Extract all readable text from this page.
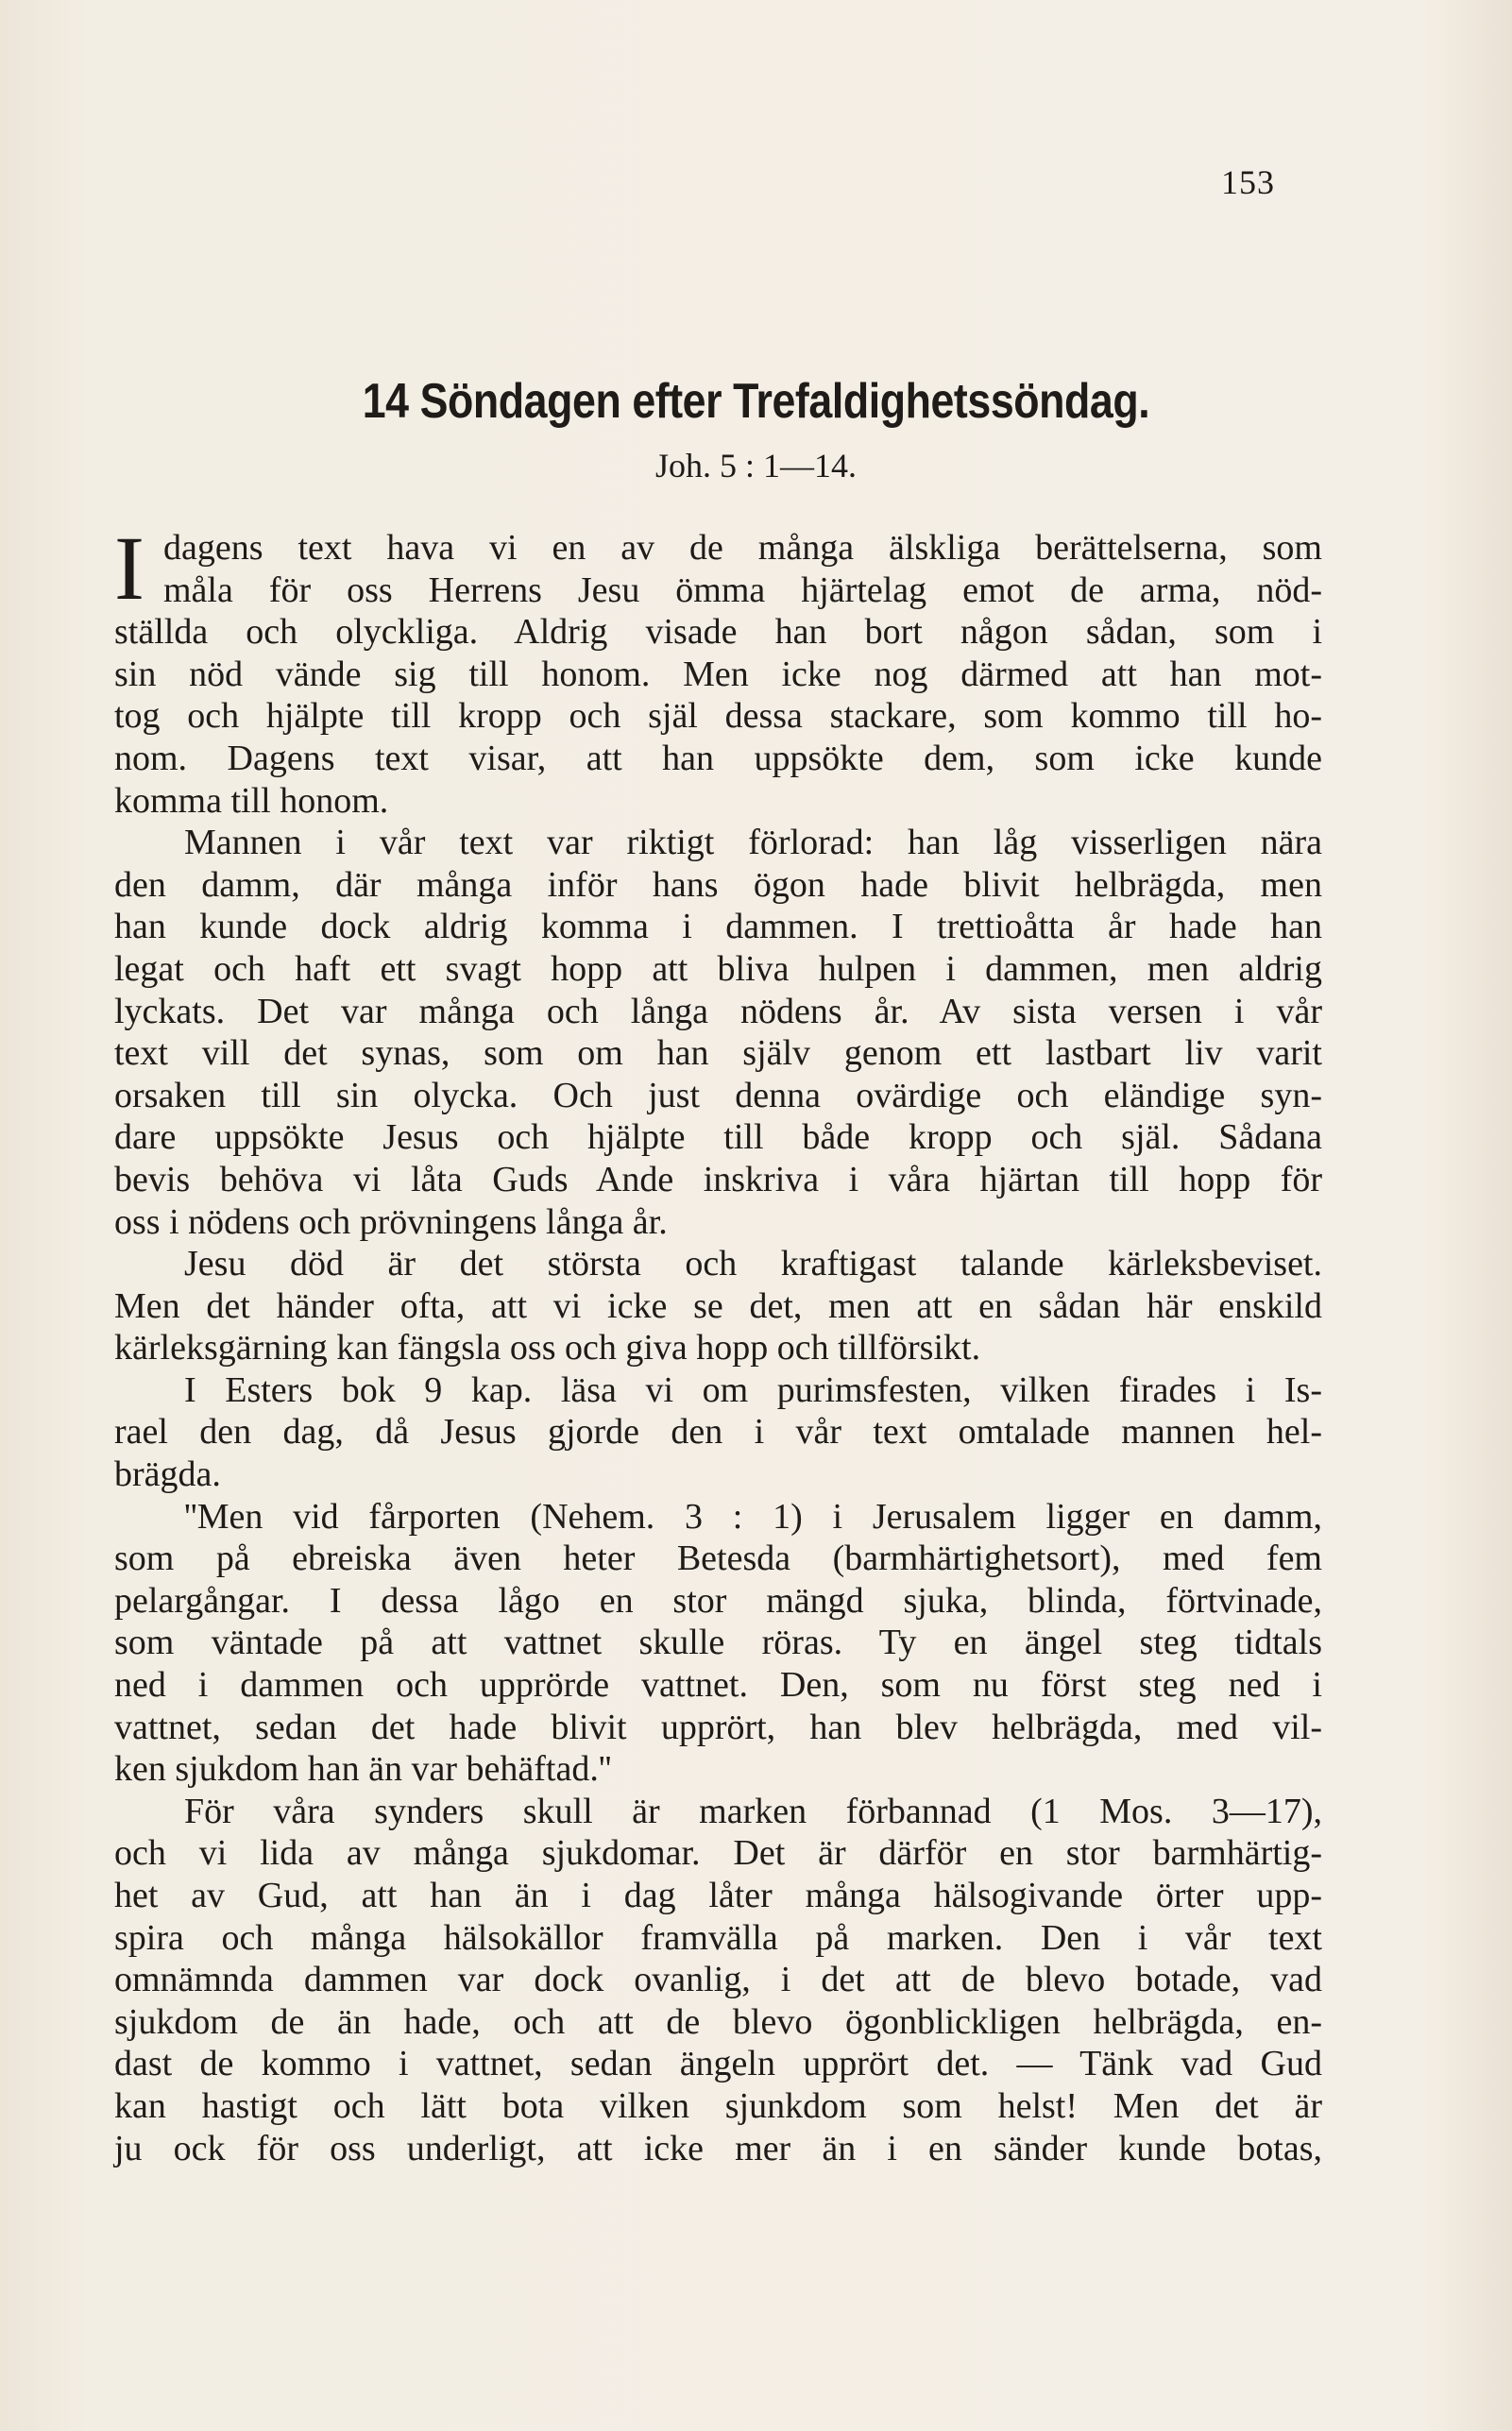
153
14 Söndagen efter Trefaldighetssöndag.
Joh. 5 : 1—14.
I dagens text hava vi en av de många älskliga berättelserna, som
måla för oss Herrens Jesu ömma hjärtelag emot de arma, nöd-
ställda och olyckliga. Aldrig visade han bort någon sådan, som i
sin nöd vände sig till honom. Men icke nog därmed att han mot-
tog och hjälpte till kropp och själ dessa stackare, som kommo till ho-
nom. Dagens text visar, att han uppsökte dem, som icke kunde
komma till honom.
Mannen i vår text var riktigt förlorad: han låg visserligen nära
den damm, där många inför hans ögon hade blivit helbrägda, men
han kunde dock aldrig komma i dammen. I trettioåtta år hade han
legat och haft ett svagt hopp att bliva hulpen i dammen, men aldrig
lyckats. Det var många och långa nödens år. Av sista versen i vår
text vill det synas, som om han själv genom ett lastbart liv varit
orsaken till sin olycka. Och just denna ovärdige och eländige syn-
dare uppsökte Jesus och hjälpte till både kropp och själ. Sådana
bevis behöva vi låta Guds Ande inskriva i våra hjärtan till hopp för
oss i nödens och prövningens långa år.
Jesu död är det största och kraftigast talande kärleksbeviset.
Men det händer ofta, att vi icke se det, men att en sådan här enskild
kärleksgärning kan fängsla oss och giva hopp och tillförsikt.
I Esters bok 9 kap. läsa vi om purimsfesten, vilken firades i Is-
rael den dag, då Jesus gjorde den i vår text omtalade mannen hel-
brägda.
''Men vid fårporten (Nehem. 3 : 1) i Jerusalem ligger en damm,
som på ebreiska även heter Betesda (barmhärtighetsort), med fem
pelargångar. I dessa lågo en stor mängd sjuka, blinda, förtvinade,
som väntade på att vattnet skulle röras. Ty en ängel steg tidtals
ned i dammen och upprörde vattnet. Den, som nu först steg ned i
vattnet, sedan det hade blivit upprört, han blev helbrägda, med vil-
ken sjukdom han än var behäftad.''
För våra synders skull är marken förbannad (1 Mos. 3—17),
och vi lida av många sjukdomar. Det är därför en stor barmhärtig-
het av Gud, att han än i dag låter många hälsogivande örter upp-
spira och många hälsokällor framvälla på marken. Den i vår text
omnämnda dammen var dock ovanlig, i det att de blevo botade, vad
sjukdom de än hade, och att de blevo ögonblickligen helbrägda, en-
dast de kommo i vattnet, sedan ängeln upprört det. — Tänk vad Gud
kan hastigt och lätt bota vilken sjunkdom som helst! Men det är
ju ock för oss underligt, att icke mer än i en sänder kunde botas,
